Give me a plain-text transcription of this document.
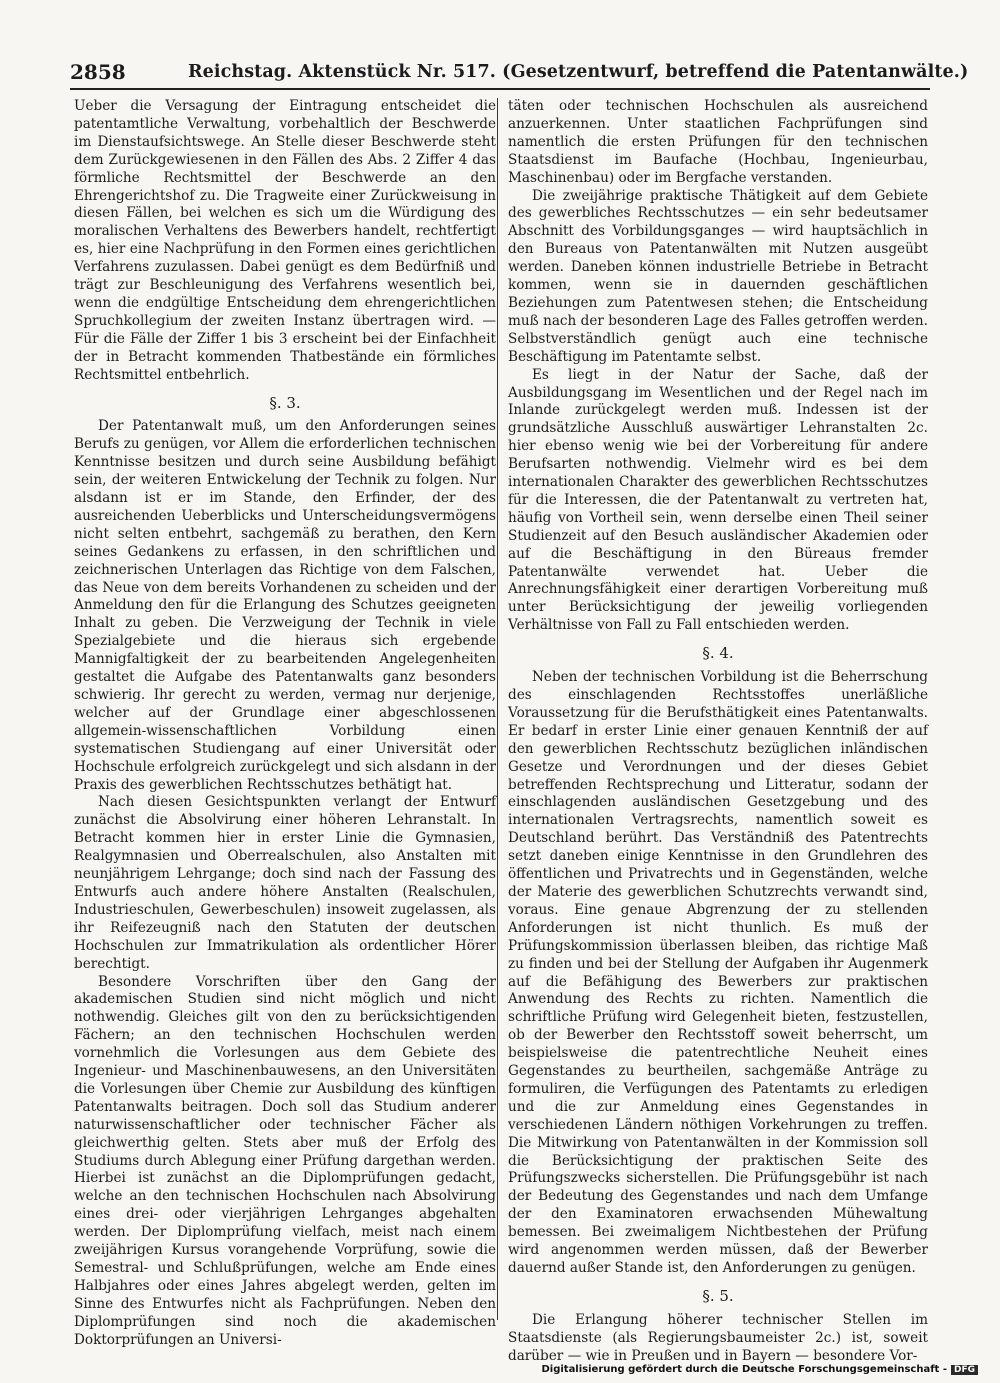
2858	Reichstag. Aktenstück Nr. 517. (Gesetzentwurf, betreffend die Patentanwälte.)

Ueber die Versagung der Eintragung entscheidet die patentamtliche Verwaltung, vorbehaltlich der Beschwerde im Dienstaufsichtswege. An Stelle dieser Beschwerde steht dem Zurückgewiesenen in den Fällen des Abs. 2 Ziffer 4 das förmliche Rechtsmittel der Beschwerde an den Ehrengerichtshof zu. Die Tragweite einer Zurückweisung in diesen Fällen, bei welchen es sich um die Würdigung des moralischen Verhaltens des Bewerbers handelt, rechtfertigt es, hier eine Nachprüfung in den Formen eines gerichtlichen Verfahrens zuzulassen. Dabei genügt es dem Bedürfniß und trägt zur Beschleunigung des Verfahrens wesentlich bei, wenn die endgültige Entscheidung dem ehrengerichtlichen Spruchkollegium der zweiten Instanz übertragen wird. — Für die Fälle der Ziffer 1 bis 3 erscheint bei der Einfachheit der in Betracht kommenden Thatbestände ein förmliches Rechtsmittel entbehrlich.

§. 3.

Der Patentanwalt muß, um den Anforderungen seines Berufs zu genügen, vor Allem die erforderlichen technischen Kenntnisse besitzen und durch seine Ausbildung befähigt sein, der weiteren Entwickelung der Technik zu folgen. Nur alsdann ist er im Stande, den Erfinder, der des ausreichenden Ueberblicks und Unterscheidungsvermögens nicht selten entbehrt, sachgemäß zu berathen, den Kern seines Gedankens zu erfassen, in den schriftlichen und zeichnerischen Unterlagen das Richtige von dem Falschen, das Neue von dem bereits Vorhandenen zu scheiden und der Anmeldung den für die Erlangung des Schutzes geeigneten Inhalt zu geben. Die Verzweigung der Technik in viele Spezialgebiete und die hieraus sich ergebende Mannigfaltigkeit der zu bearbeitenden Angelegenheiten gestaltet die Aufgabe des Patentanwalts ganz besonders schwierig. Ihr gerecht zu werden, vermag nur derjenige, welcher auf der Grundlage einer abgeschlossenen allgemein-wissenschaftlichen Vorbildung einen systematischen Studiengang auf einer Universität oder Hochschule erfolgreich zurückgelegt und sich alsdann in der Praxis des gewerblichen Rechtsschutzes bethätigt hat.

Nach diesen Gesichtspunkten verlangt der Entwurf zunächst die Absolvirung einer höheren Lehranstalt. In Betracht kommen hier in erster Linie die Gymnasien, Realgymnasien und Oberrealschulen, also Anstalten mit neunjährigem Lehrgange; doch sind nach der Fassung des Entwurfs auch andere höhere Anstalten (Realschulen, Industrieschulen, Gewerbeschulen) insoweit zugelassen, als ihr Reifezeugniß nach den Statuten der deutschen Hochschulen zur Immatrikulation als ordentlicher Hörer berechtigt.

Besondere Vorschriften über den Gang der akademischen Studien sind nicht möglich und nicht nothwendig. Gleiches gilt von den zu berücksichtigenden Fächern; an den technischen Hochschulen werden vornehmlich die Vorlesungen aus dem Gebiete des Ingenieur- und Maschinenbauwesens, an den Universitäten die Vorlesungen über Chemie zur Ausbildung des künftigen Patentanwalts beitragen. Doch soll das Studium anderer naturwissenschaftlicher oder technischer Fächer als gleichwerthig gelten. Stets aber muß der Erfolg des Studiums durch Ablegung einer Prüfung dargethan werden. Hierbei ist zunächst an die Diplomprüfungen gedacht, welche an den technischen Hochschulen nach Absolvirung eines drei- oder vierjährigen Lehrganges abgehalten werden. Der Diplomprüfung vielfach, meist nach einem zweijährigen Kursus vorangehende Vorprüfung, sowie die Semestral- und Schlußprüfungen, welche am Ende eines Halbjahres oder eines Jahres abgelegt werden, gelten im Sinne des Entwurfes nicht als Fachprüfungen. Neben den Diplomprüfungen sind noch die akademischen Doktorprüfungen an Universi-

täten oder technischen Hochschulen als ausreichend anzuerkennen. Unter staatlichen Fachprüfungen sind namentlich die ersten Prüfungen für den technischen Staatsdienst im Baufache (Hochbau, Ingenieurbau, Maschinenbau) oder im Bergfache verstanden.

Die zweijährige praktische Thätigkeit auf dem Gebiete des gewerbliches Rechtsschutzes — ein sehr bedeutsamer Abschnitt des Vorbildungsganges — wird hauptsächlich in den Bureaus von Patentanwälten mit Nutzen ausgeübt werden. Daneben können industrielle Betriebe in Betracht kommen, wenn sie in dauernden geschäftlichen Beziehungen zum Patentwesen stehen; die Entscheidung muß nach der besonderen Lage des Falles getroffen werden. Selbstverständlich genügt auch eine technische Beschäftigung im Patentamte selbst.

Es liegt in der Natur der Sache, daß der Ausbildungsgang im Wesentlichen und der Regel nach im Inlande zurückgelegt werden muß. Indessen ist der grundsätzliche Ausschluß auswärtiger Lehranstalten 2c. hier ebenso wenig wie bei der Vorbereitung für andere Berufsarten nothwendig. Vielmehr wird es bei dem internationalen Charakter des gewerblichen Rechtsschutzes für die Interessen, die der Patentanwalt zu vertreten hat, häufig von Vortheil sein, wenn derselbe einen Theil seiner Studienzeit auf den Besuch ausländischer Akademien oder auf die Beschäftigung in den Büreaus fremder Patentanwälte verwendet hat. Ueber die Anrechnungsfähigkeit einer derartigen Vorbereitung muß unter Berücksichtigung der jeweilig vorliegenden Verhältnisse von Fall zu Fall entschieden werden.

§. 4.

Neben der technischen Vorbildung ist die Beherrschung des einschlagenden Rechtsstoffes unerläßliche Voraussetzung für die Berufsthätigkeit eines Patentanwalts. Er bedarf in erster Linie einer genauen Kenntniß der auf den gewerblichen Rechtsschutz bezüglichen inländischen Gesetze und Verordnungen und der dieses Gebiet betreffenden Rechtsprechung und Litteratur, sodann der einschlagenden ausländischen Gesetzgebung und des internationalen Vertragsrechts, namentlich soweit es Deutschland berührt. Das Verständniß des Patentrechts setzt daneben einige Kenntnisse in den Grundlehren des öffentlichen und Privatrechts und in Gegenständen, welche der Materie des gewerblichen Schutzrechts verwandt sind, voraus. Eine genaue Abgrenzung der zu stellenden Anforderungen ist nicht thunlich. Es muß der Prüfungskommission überlassen bleiben, das richtige Maß zu finden und bei der Stellung der Aufgaben ihr Augenmerk auf die Befähigung des Bewerbers zur praktischen Anwendung des Rechts zu richten. Namentlich die schriftliche Prüfung wird Gelegenheit bieten, festzustellen, ob der Bewerber den Rechtsstoff soweit beherrscht, um beispielsweise die patentrechtliche Neuheit eines Gegenstandes zu beurtheilen, sachgemäße Anträge zu formuliren, die Verfügungen des Patentamts zu erledigen und die zur Anmeldung eines Gegenstandes in verschiedenen Ländern nöthigen Vorkehrungen zu treffen. Die Mitwirkung von Patentanwälten in der Kommission soll die Berücksichtigung der praktischen Seite des Prüfungszwecks sicherstellen. Die Prüfungsgebühr ist nach der Bedeutung des Gegenstandes und nach dem Umfange der den Examinatoren erwachsenden Mühewaltung bemessen. Bei zweimaligem Nichtbestehen der Prüfung wird angenommen werden müssen, daß der Bewerber dauernd außer Stande ist, den Anforderungen zu genügen.

§. 5.

Die Erlangung höherer technischer Stellen im Staatsdienste (als Regierungsbaumeister 2c.) ist, soweit darüber — wie in Preußen und in Bayern — besondere Vor-

Digitalisierung gefördert durch die Deutsche Forschungsgemeinschaft - DFG
